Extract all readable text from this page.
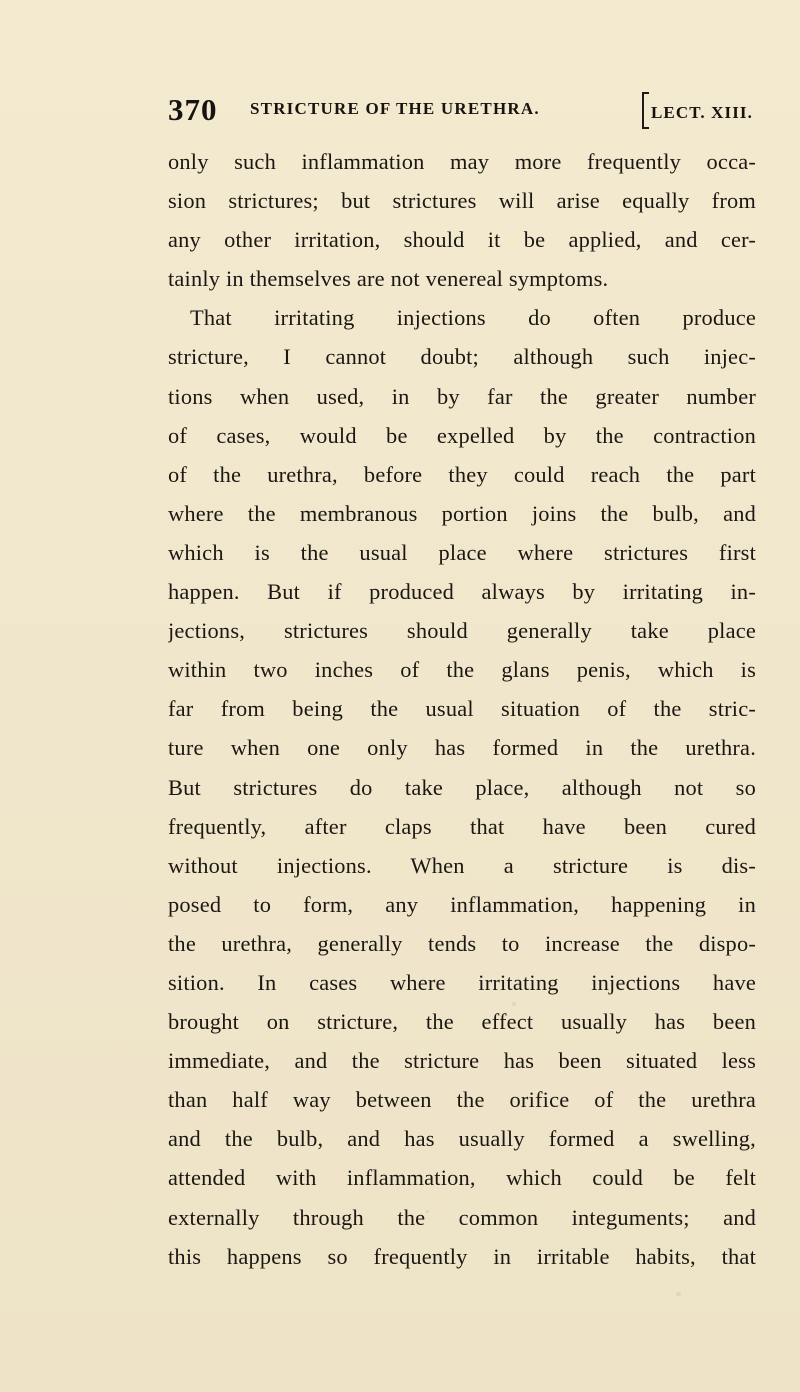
370 STRICTURE OF THE URETHRA.	LECT. XIII.
only such inflammation may more frequently occa-
sion strictures; but strictures will arise equally from
any other irritation, should it be applied, and cer-
tainly in themselves are not venereal symptoms.
That irritating injections do often produce
stricture, I cannot doubt; although such injec-
tions when used, in by far the greater number
of cases, would be expelled by the contraction
of the urethra, before they could reach the part
where the membranous portion joins the bulb, and
which is the usual place where strictures first
happen. But if produced always by irritating in-
jections, strictures should generally take place
within two inches of the glans penis, which is
far from being the usual situation of the stric-
ture when one only has formed in the urethra.
But strictures do take place, although not so
frequently, after claps that have been cured
without injections. When a stricture is dis-
posed to form, any inflammation, happening in
the urethra, generally tends to increase the dispo-
sition. In cases where irritating injections have
brought on stricture, the effect usually has been
immediate, and the stricture has been situated less
than half way between the orifice of the urethra
and the bulb, and has usually formed a swelling,
attended with inflammation, which could be felt
externally through the common integuments; and
this happens so frequently in irritable habits, that
